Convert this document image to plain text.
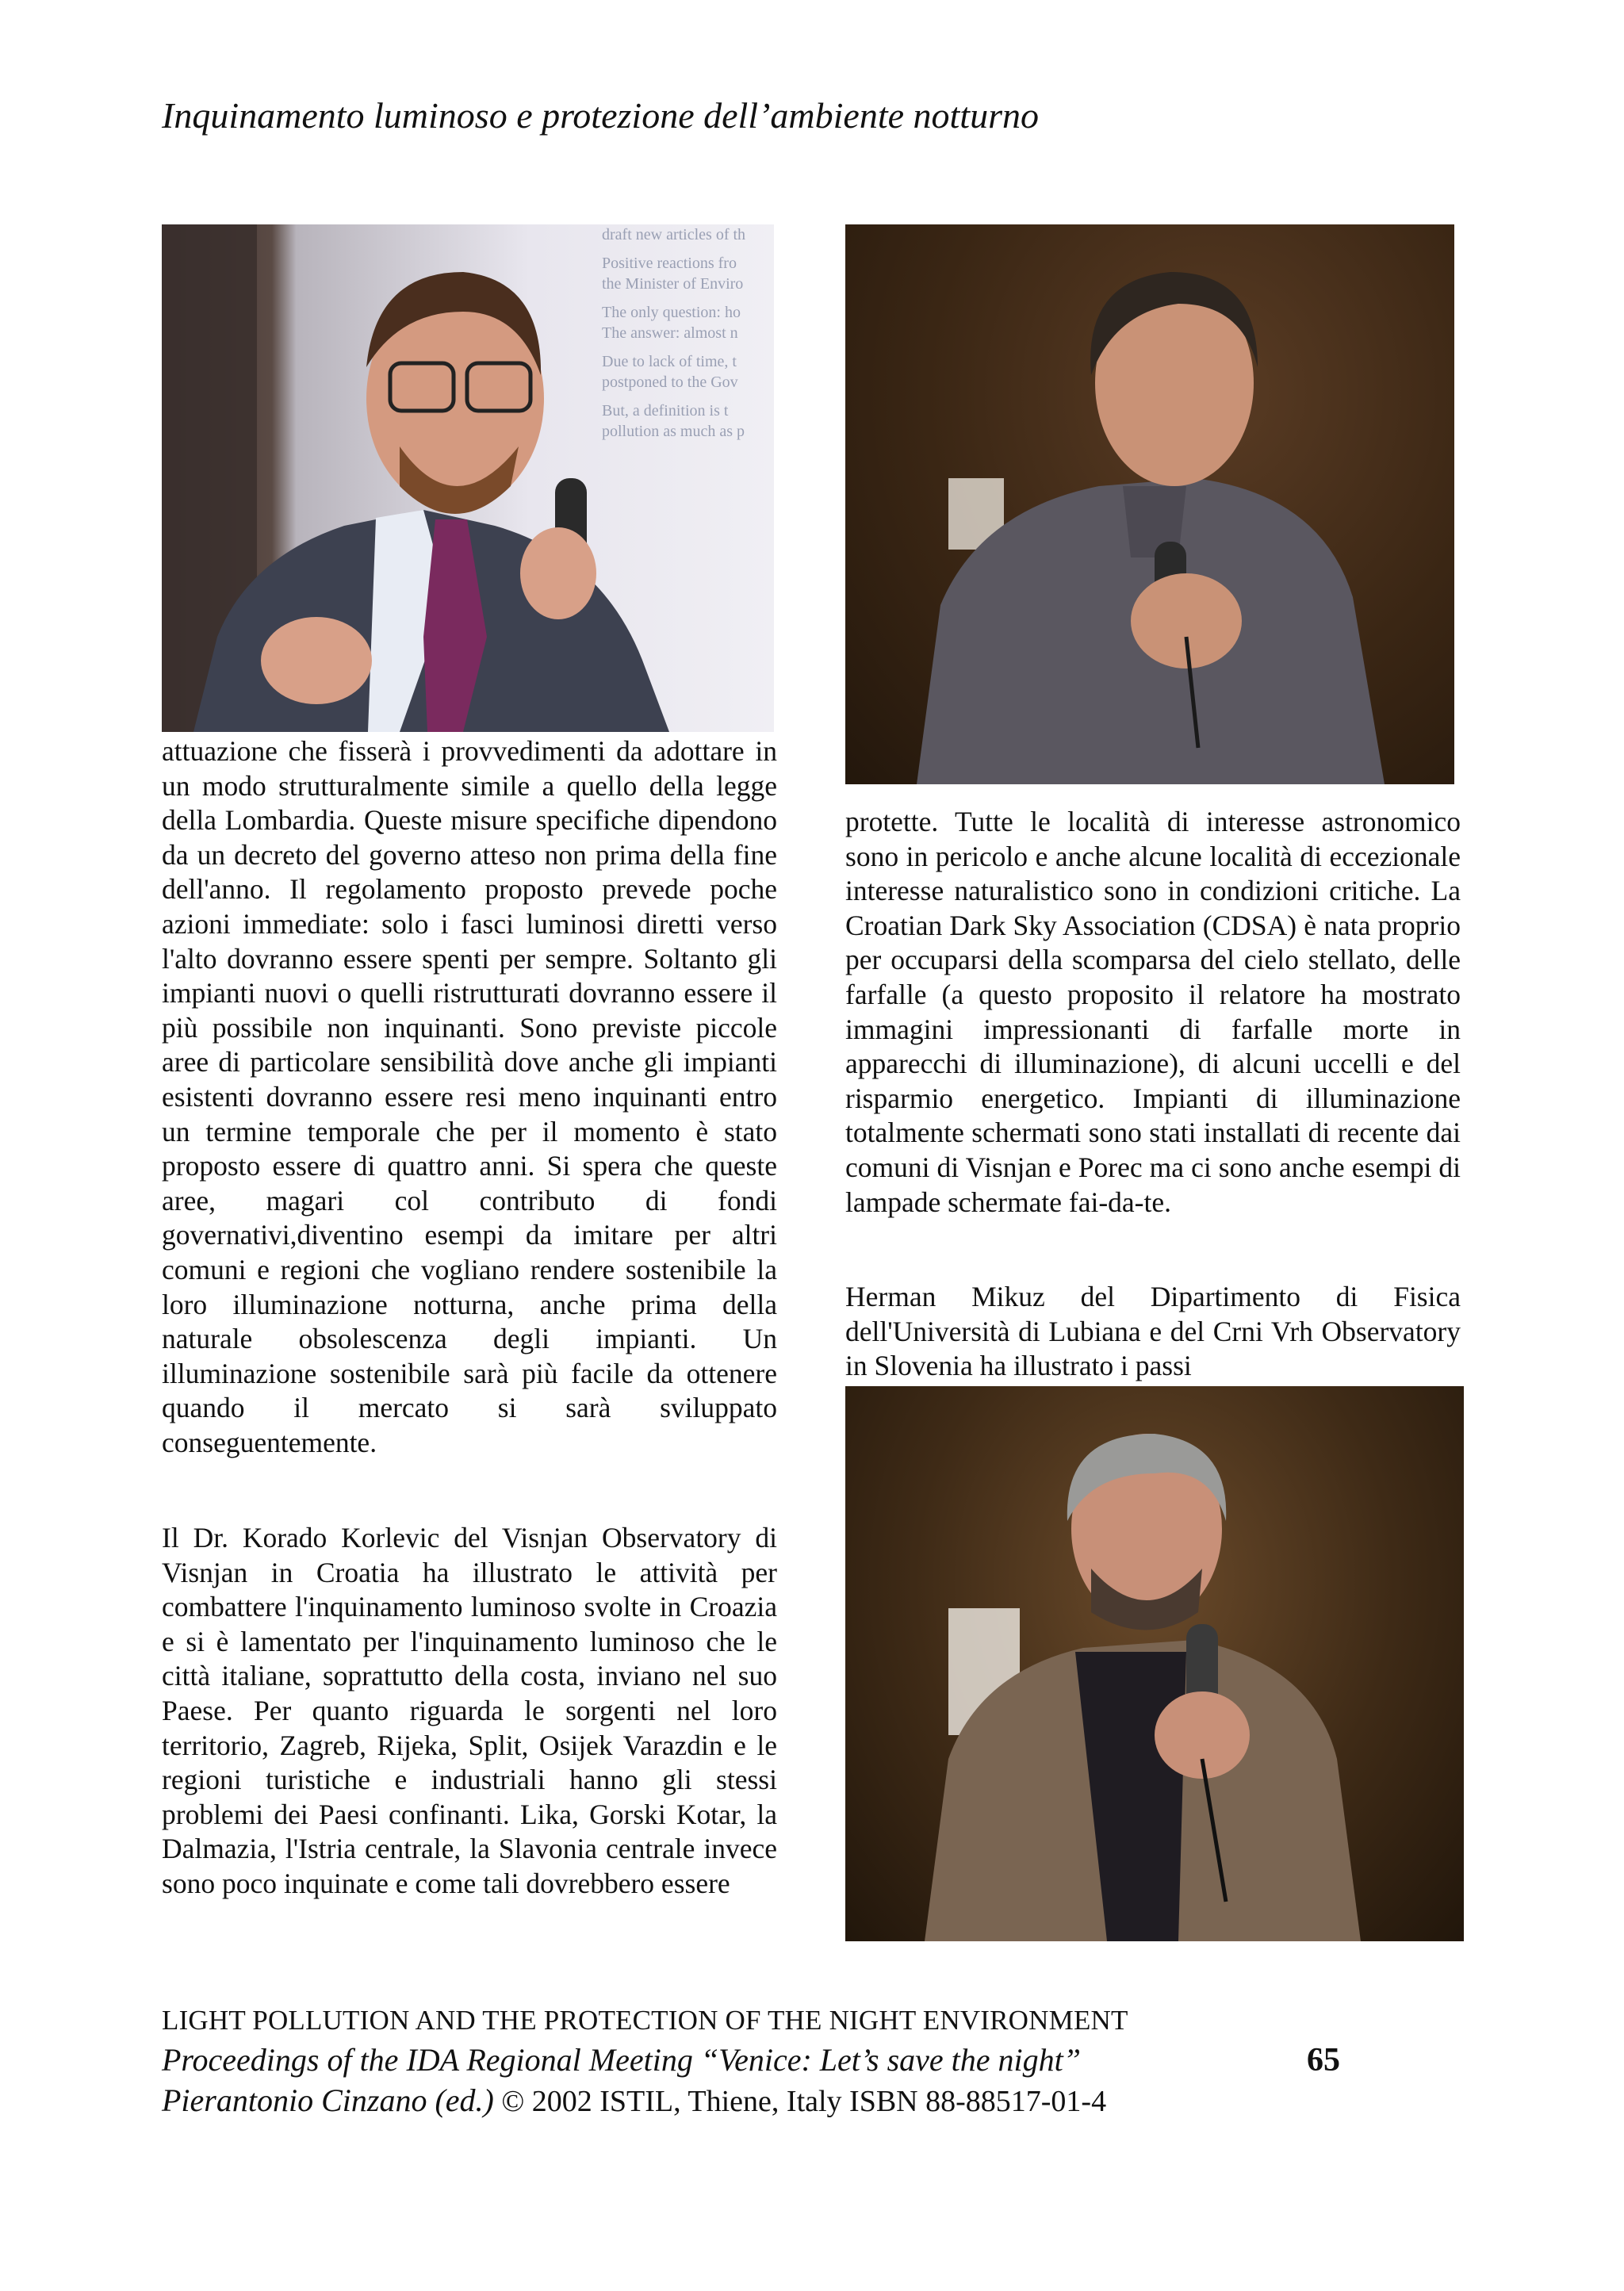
Inquinamento luminoso e protezione dell’ambiente notturno
draft new articles of th
Positive reactions fro
the Minister of Enviro
The only question: ho
The answer: almost n
Due to lack of time, t
postponed to the Gov
But, a definition is t
pollution as much as p

attuazione che fisserà i provvedimenti da adottare in un modo strutturalmente simile a quello della legge della Lombardia. Queste misure specifiche dipendono da un decreto del governo atteso non prima della fine dell'anno. Il regolamento proposto prevede poche azioni immediate: solo i fasci luminosi diretti verso l'alto dovranno essere spenti per sempre. Soltanto gli impianti nuovi o quelli ristrutturati dovranno essere il più possibile non inquinanti. Sono previste piccole aree di particolare sensibilità dove anche gli impianti esistenti dovranno essere resi meno inquinanti entro un termine temporale che per il momento è stato proposto essere di quattro anni. Si spera che queste aree, magari col contributo di fondi governativi,diventino esempi da imitare per altri comuni e regioni che vogliano rendere sostenibile la loro illuminazione notturna, anche prima della naturale obsolescenza degli impianti. Un illuminazione sostenibile sarà più facile da ottenere quando il mercato si sarà sviluppato conseguentemente.

Il Dr. Korado Korlevic del Visnjan Observatory di Visnjan in Croatia ha illustrato le attività per combattere l'inquinamento luminoso svolte in Croazia e si è lamentato per l'inquinamento luminoso che le città italiane, soprattutto della costa, inviano nel suo Paese. Per quanto riguarda le sorgenti nel loro territorio, Zagreb, Rijeka, Split, Osijek Varazdin e le regioni turistiche e industriali hanno gli stessi problemi dei Paesi confinanti. Lika, Gorski Kotar, la Dalmazia, l'Istria centrale, la Slavonia centrale invece sono poco inquinate e come tali dovrebbero essere

protette. Tutte le località di interesse astronomico sono in pericolo e anche alcune località di eccezionale interesse naturalistico sono in condizioni critiche. La Croatian Dark Sky Association (CDSA) è nata proprio per occuparsi della scomparsa del cielo stellato, delle farfalle (a questo proposito il relatore ha mostrato immagini impressionanti di farfalle morte in apparecchi di illuminazione), di alcuni uccelli e del risparmio energetico. Impianti di illuminazione totalmente schermati sono stati installati di recente dai comuni di Visnjan e Porec ma ci sono anche esempi di lampade schermate fai-da-te.

Herman Mikuz del Dipartimento di Fisica dell'Università di Lubiana e del Crni Vrh Observatory in Slovenia ha illustrato i passi

LIGHT POLLUTION AND THE PROTECTION OF THE NIGHT ENVIRONMENT
Proceedings of the IDA Regional Meeting “Venice: Let’s save the night”	65
Pierantonio Cinzano (ed.) © 2002 ISTIL, Thiene, Italy ISBN 88-88517-01-4
